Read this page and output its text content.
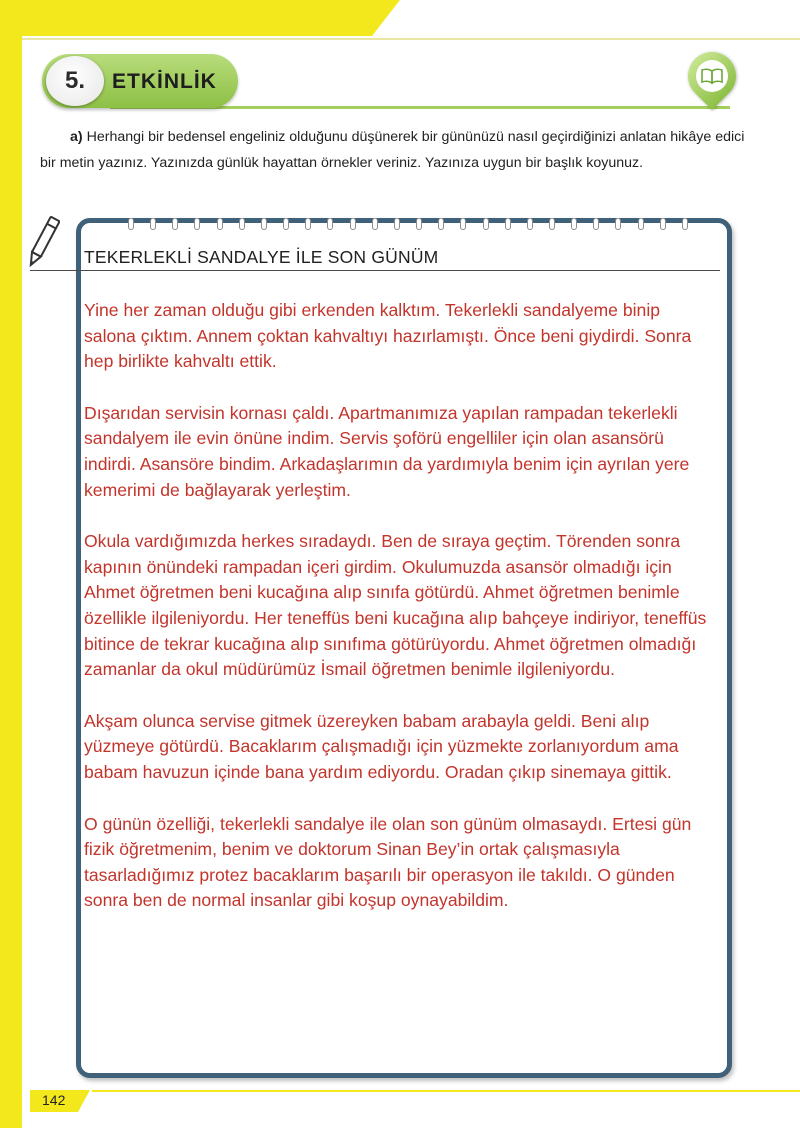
5.	ETKİNLİK
a) Herhangi bir bedensel engeliniz olduğunu düşünerek bir gününüzü nasıl geçirdiğinizi anlatan hikâye edici bir metin yazınız. Yazınızda günlük hayattan örnekler veriniz. Yazınıza uygun bir başlık koyunuz.
TEKERLEKLİ SANDALYE İLE SON GÜNÜM

Yine her zaman olduğu gibi erkenden kalktım. Tekerlekli sandalyeme binip salona çıktım. Annem çoktan kahvaltıyı hazırlamıştı. Önce beni giydirdi. Sonra hep birlikte kahvaltı ettik.

Dışarıdan servisin kornası çaldı. Apartmanımıza yapılan rampadan tekerlekli sandalyem ile evin önüne indim. Servis şoförü engelliler için olan asansörü indirdi. Asansöre bindim. Arkadaşlarımın da yardımıyla benim için ayrılan yere kemerimi de bağlayarak yerleştim.

Okula vardığımızda herkes sıradaydı. Ben de sıraya geçtim. Törenden sonra kapının önündeki rampadan içeri girdim. Okulumuzda asansör olmadığı için Ahmet öğretmen beni kucağına alıp sınıfa götürdü. Ahmet öğretmen benimle özellikle ilgileniyordu. Her teneffüs beni kucağına alıp bahçeye indiriyor, teneffüs bitince de tekrar kucağına alıp sınıfıma götürüyordu. Ahmet öğretmen olmadığı zamanlar da okul müdürümüz İsmail öğretmen benimle ilgileniyordu.

Akşam olunca servise gitmek üzereyken babam arabayla geldi. Beni alıp yüzmeye götürdü. Bacaklarım çalışmadığı için yüzmekte zorlanıyordum ama babam havuzun içinde bana yardım ediyordu. Oradan çıkıp sinemaya gittik.

O günün özelliği, tekerlekli sandalye ile olan son günüm olmasaydı. Ertesi gün fizik öğretmenim, benim ve doktorum Sinan Bey’in ortak çalışmasıyla tasarladığımız protez bacaklarım başarılı bir operasyon ile takıldı. O günden sonra ben de normal insanlar gibi koşup oynayabildim.

142
